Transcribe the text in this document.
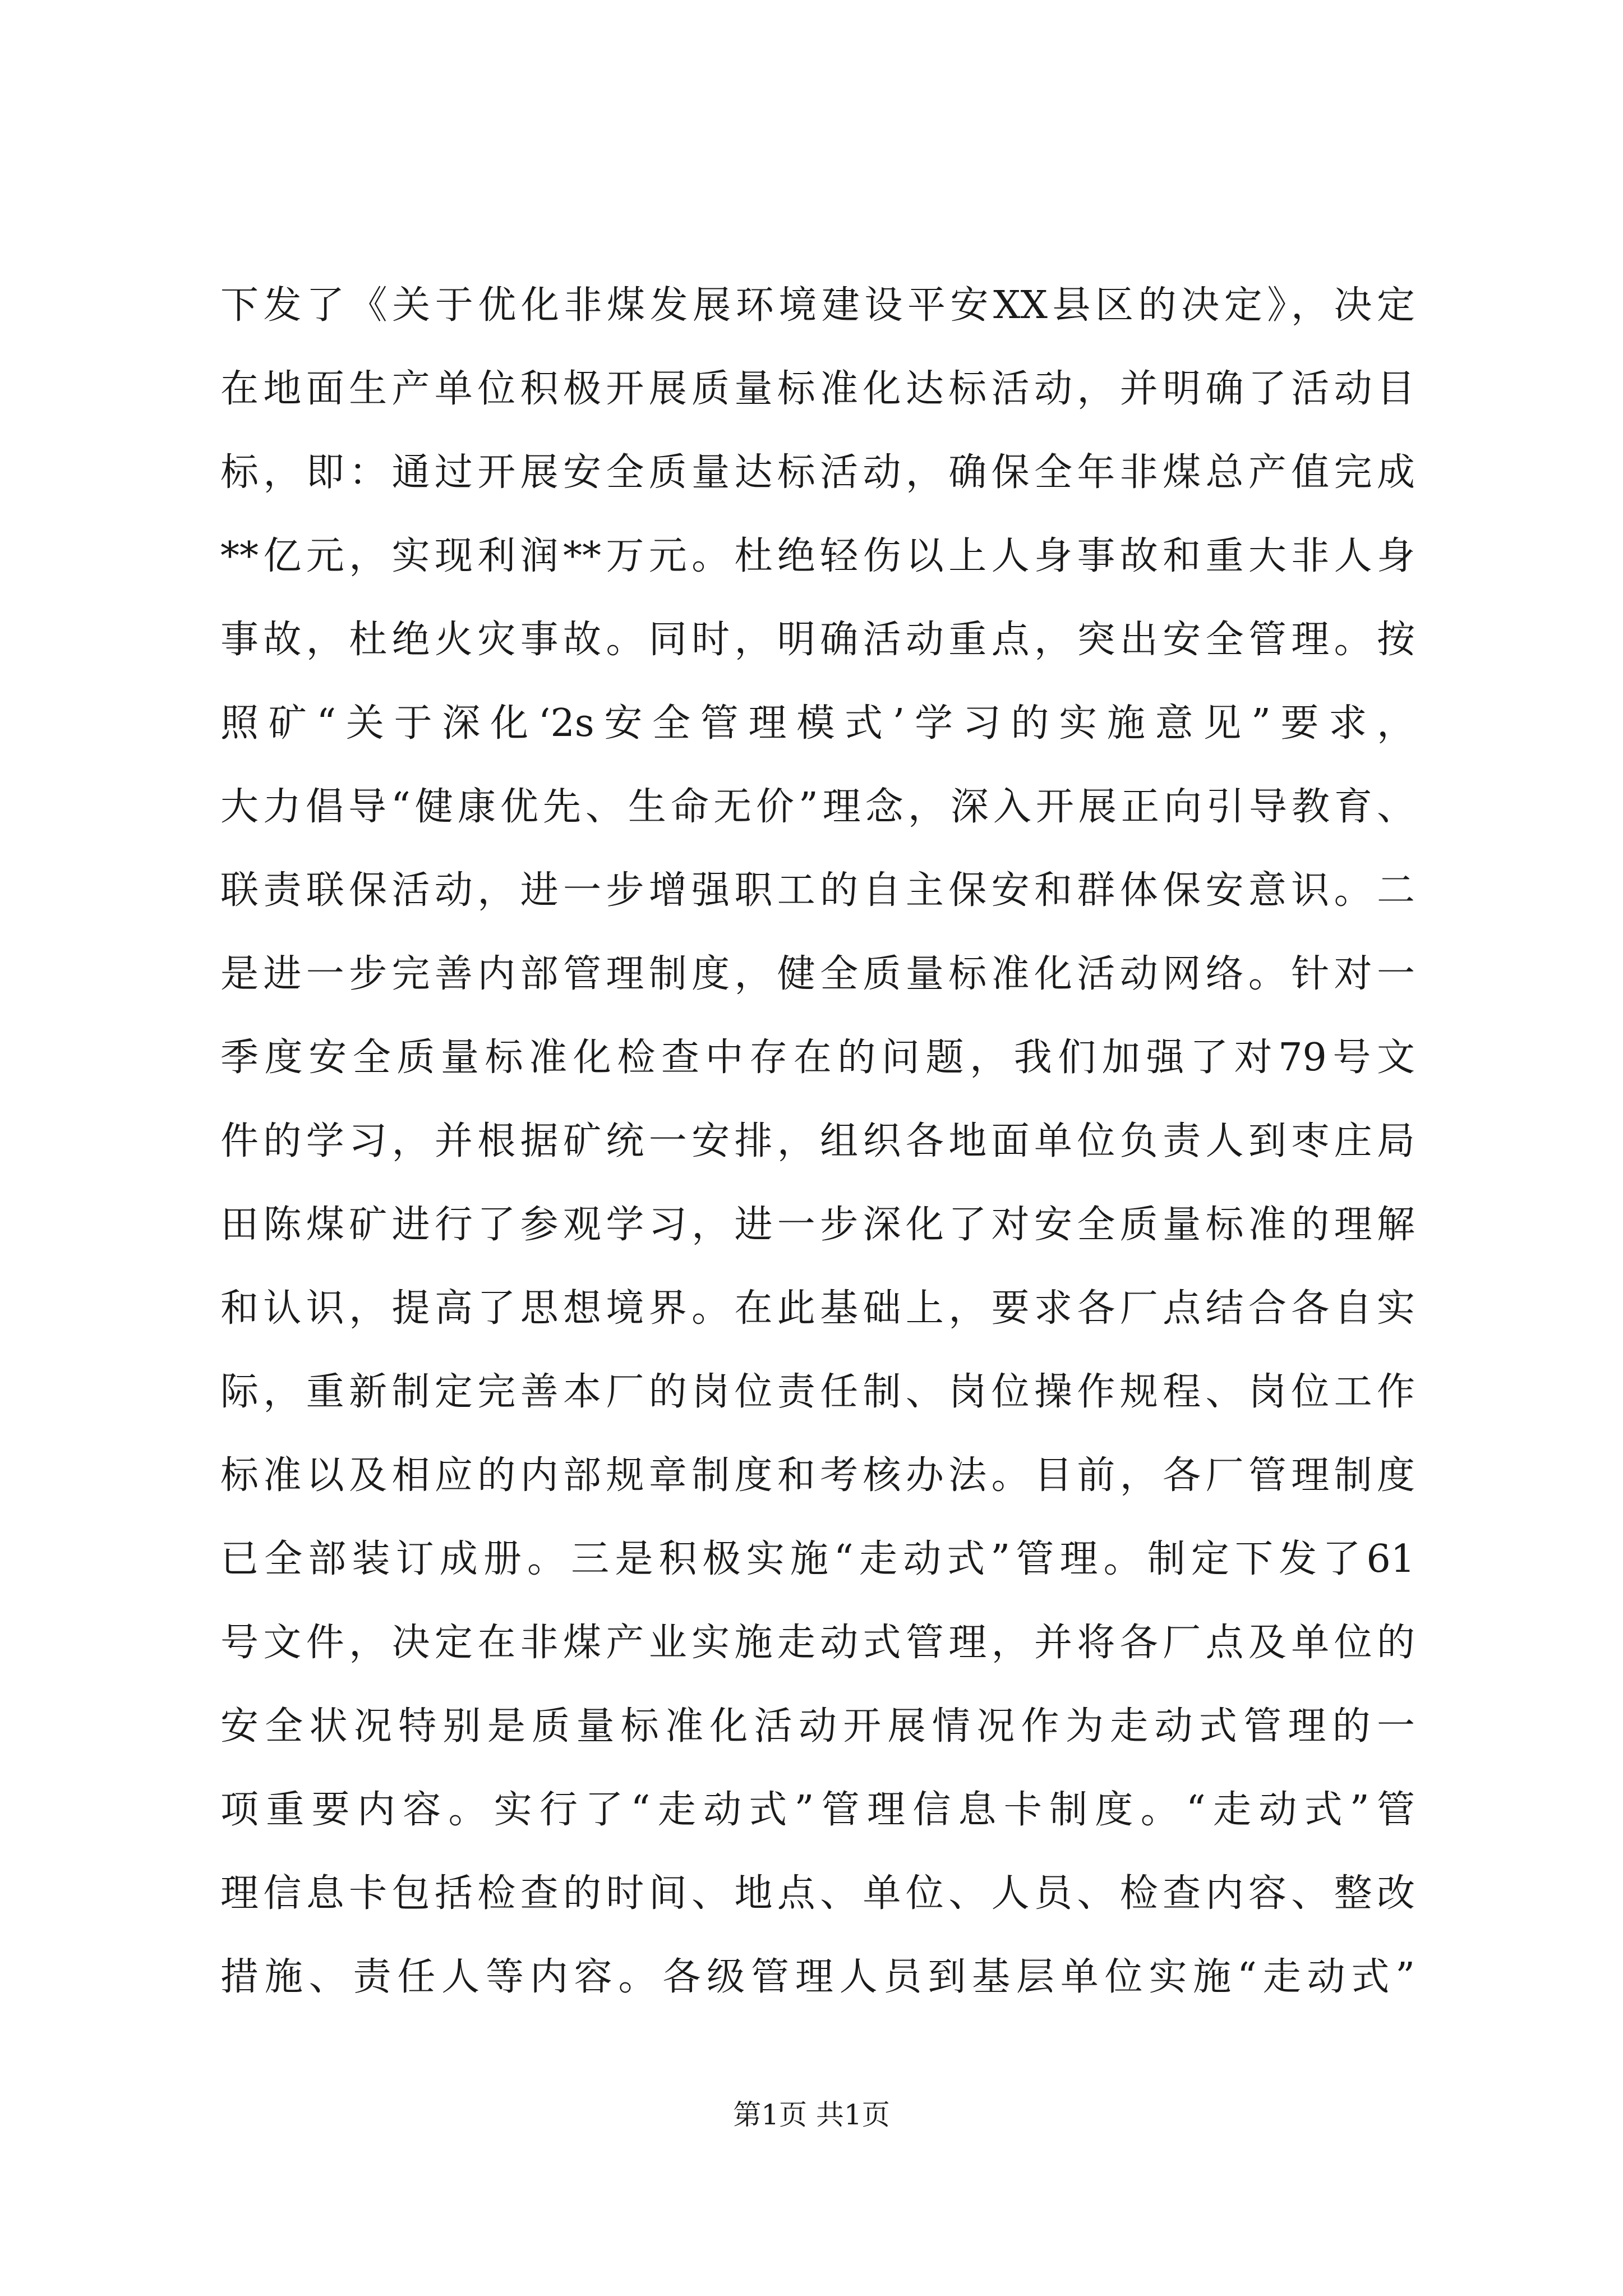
下发了《关于优化非煤发展环境建设平安XX县区的决定》，决定
在地面生产单位积极开展质量标准化达标活动，并明确了活动目
标，即：通过开展安全质量达标活动，确保全年非煤总产值完成
**亿元，实现利润**万元。杜绝轻伤以上人身事故和重大非人身
事故，杜绝火灾事故。同时，明确活动重点，突出安全管理。按
照矿“关于深化‘2s安全管理模式’学习的实施意见”要求，
大力倡导“健康优先、生命无价”理念，深入开展正向引导教育、
联责联保活动，进一步增强职工的自主保安和群体保安意识。二
是进一步完善内部管理制度，健全质量标准化活动网络。针对一
季度安全质量标准化检查中存在的问题，我们加强了对79号文
件的学习，并根据矿统一安排，组织各地面单位负责人到枣庄局
田陈煤矿进行了参观学习，进一步深化了对安全质量标准的理解
和认识，提高了思想境界。在此基础上，要求各厂点结合各自实
际，重新制定完善本厂的岗位责任制、岗位操作规程、岗位工作
标准以及相应的内部规章制度和考核办法。目前，各厂管理制度
已全部装订成册。三是积极实施“走动式”管理。制定下发了61
号文件，决定在非煤产业实施走动式管理，并将各厂点及单位的
安全状况特别是质量标准化活动开展情况作为走动式管理的一
项重要内容。实行了“走动式”管理信息卡制度。“走动式”管
理信息卡包括检查的时间、地点、单位、人员、检查内容、整改
措施、责任人等内容。各级管理人员到基层单位实施“走动式”
第1页 共1页
